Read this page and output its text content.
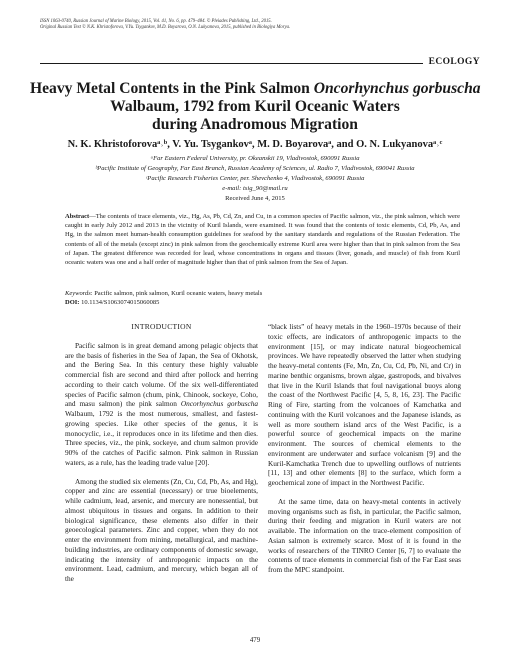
ISSN 1063-0740, Russian Journal of Marine Biology, 2015, Vol. 41, No. 6, pp. 479–484. © Pleiades Publishing, Ltd., 2015.
Original Russian Text © N.K. Khristoforova, V.Yu. Tsygankov, M.D. Boyarova, O.N. Lukyanova, 2015, published in Biologiya Morya.
ECOLOGY
Heavy Metal Contents in the Pink Salmon Oncorhynchus gorbuscha
Walbaum, 1792 from Kuril Oceanic Waters
during Anadromous Migration
N. K. Khristoforovaᵃ˒ᵇ, V. Yu. Tsygankovᵃ, M. D. Boyarovaᵃ, and O. N. Lukyanovaᵃ˒ᶜ
ᵃFar Eastern Federal University, pr. Okeanskii 19, Vladivostok, 690091 Russia
ᵇPacific Institute of Geography, Far East Branch, Russian Academy of Sciences, ul. Radio 7, Vladivostok, 690041 Russia
ᶜPacific Research Fisheries Center, per. Shevchenko 4, Vladivostok, 690091 Russia
e-mail: tsig_90@mail.ru
Received June 4, 2015
Abstract—The contents of trace elements, viz., Hg, As, Pb, Cd, Zn, and Cu, in a common species of Pacific salmon, viz., the pink salmon, which were caught in early July 2012 and 2013 in the vicinity of Kuril Islands, were examined. It was found that the contents of toxic elements, Cd, Pb, As, and Hg, in the salmon meet human-health consumption guidelines for seafood by the sanitary standards and regulations of the Russian Federation. The contents of all of the metals (except zinc) in pink salmon from the geochemically extreme Kuril area were higher than that in pink salmon from the Sea of Japan. The greatest difference was recorded for lead, whose concentrations in organs and tissues (liver, gonads, and muscle) of fish from Kuril oceanic waters was one and a half order of magnitude higher than that of pink salmon from the Sea of Japan.
Keywords: Pacific salmon, pink salmon, Kuril oceanic waters, heavy metals
DOI: 10.1134/S1063074015060085

INTRODUCTION

Pacific salmon is in great demand among pelagic objects that are the basis of fisheries in the Sea of Japan, the Sea of Okhotsk, and the Bering Sea. In this century these highly valuable commercial fish are second and third after pollock and herring according to their catch volume. Of the six well-differentiated species of Pacific salmon (chum, pink, Chinook, sockeye, Coho, and masu salmon) the pink salmon Oncorhynchus gorbuscha Walbaum, 1792 is the most numerous, smallest, and fastest-growing species. Like other species of the genus, it is monocyclic, i.e., it reproduces once in its lifetime and then dies. Three species, viz., the pink, sockeye, and chum salmon provide 90% of the catches of Pacific salmon. Pink salmon in Russian waters, as a rule, has the leading trade value [20].

Among the studied six elements (Zn, Cu, Cd, Pb, As, and Hg), copper and zinc are essential (necessary) or true bioelements, while cadmium, lead, arsenic, and mercury are nonessential, but almost ubiquitous in tissues and organs. In addition to their biological significance, these elements also differ in their geoecological parameters. Zinc and copper, when they do not enter the environment from mining, metallurgical, and machine-building industries, are ordinary components of domestic sewage, indicating the intensity of anthropogenic impacts on the environment. Lead, cadmium, and mercury, which began all of the

“black lists” of heavy metals in the 1960–1970s because of their toxic effects, are indicators of anthropogenic impacts to the environment [15], or may indicate natural biogeochemical provinces. We have repeatedly observed the latter when studying the heavy-metal contents (Fe, Mn, Zn, Cu, Cd, Pb, Ni, and Cr) in marine benthic organisms, brown algae, gastropods, and bivalves that live in the Kuril Islands that foul navigational buoys along the coast of the Northwest Pacific [4, 5, 8, 16, 23]. The Pacific Ring of Fire, starting from the volcanoes of Kamchatka and continuing with the Kuril volcanoes and the Japanese islands, as well as more southern island arcs of the West Pacific, is a powerful source of geochemical impacts on the marine environment. The sources of chemical elements to the environment are underwater and surface volcanism [9] and the Kuril-Kamchatka Trench due to upwelling outflows of nutrients [11, 13] and other elements [8] to the surface, which form a geochemical zone of impact in the Northwest Pacific.

At the same time, data on heavy-metal contents in actively moving organisms such as fish, in particular, the Pacific salmon, during their feeding and migration in Kuril waters are not available. The information on the trace-element composition of Asian salmon is extremely scarce. Most of it is found in the works of researchers of the TINRO Center [6, 7] to evaluate the contents of trace elements in commercial fish of the Far East seas from the MPC standpoint.

479
